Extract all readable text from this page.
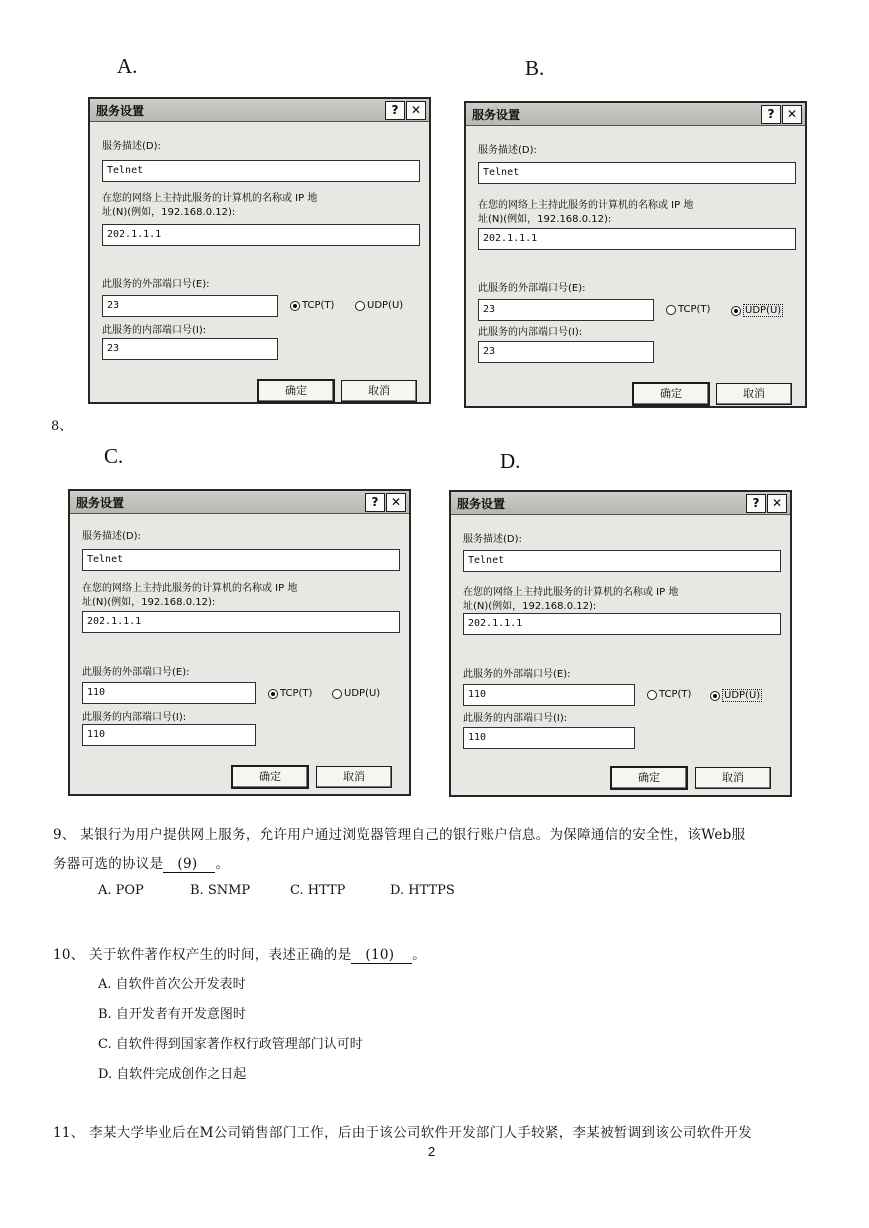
A.	B.
C.	D.
8、
服务设置	?	✕
服务描述(D):
Telnet
在您的网络上主持此服务的计算机的名称或 IP 地
址(N)(例如，192.168.0.12):
202.1.1.1
此服务的外部端口号(E):
23	TCP(T)	UDP(U)
此服务的内部端口号(I):
23
确定	取消
服务设置	?	✕
服务描述(D):
Telnet
在您的网络上主持此服务的计算机的名称或 IP 地
址(N)(例如，192.168.0.12):
202.1.1.1
此服务的外部端口号(E):
23	TCP(T)	UDP(U)
此服务的内部端口号(I):
23
确定	取消
服务设置	?	✕
服务描述(D):
Telnet
在您的网络上主持此服务的计算机的名称或 IP 地
址(N)(例如，192.168.0.12):
202.1.1.1
此服务的外部端口号(E):
110	TCP(T)	UDP(U)
此服务的内部端口号(I):
110
确定	取消
服务设置	?	✕
服务描述(D):
Telnet
在您的网络上主持此服务的计算机的名称或 IP 地
址(N)(例如，192.168.0.12):
202.1.1.1
此服务的外部端口号(E):
110	TCP(T)	UDP(U)
此服务的内部端口号(I):
110
确定	取消
9、 某银行为用户提供网上服务，允许用户通过浏览器管理自己的银行账户信息。为保障通信的安全性，该Web服
务器可选的协议是 (9) 。
A. POP	B. SNMP	C. HTTP	D. HTTPS
10、 关于软件著作权产生的时间，表述正确的是 (10) 。
A. 自软件首次公开发表时
B. 自开发者有开发意图时
C. 自软件得到国家著作权行政管理部门认可时
D. 自软件完成创作之日起
11、 李某大学毕业后在M公司销售部门工作，后由于该公司软件开发部门人手较紧，李某被暂调到该公司软件开发
2
